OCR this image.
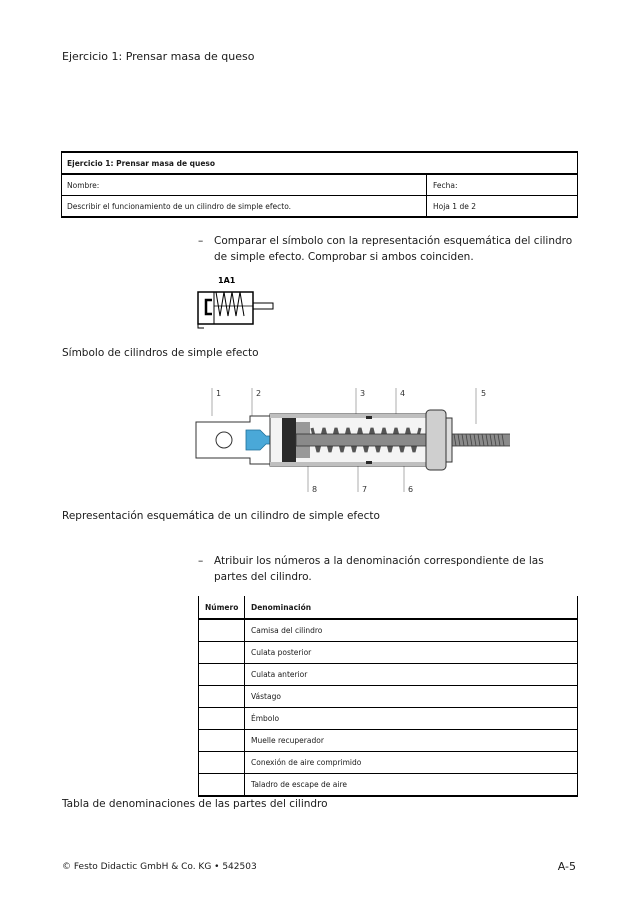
Ejercicio 1: Prensar masa de queso
Ejercicio 1: Prensar masa de queso
Nombre:	Fecha:
Describir el funcionamiento de un cilindro de simple efecto.	Hoja 1 de 2
– Comparar el símbolo con la representación esquemática del cilindro de simple efecto. Comprobar si ambos coinciden.
1A1
Símbolo de cilindros de simple efecto
1	2	3	4	5
8	7	6
Representación esquemática de un cilindro de simple efecto
– Atribuir los números a la denominación correspondiente de las partes del cilindro.
Número	Denominación
	Camisa del cilindro
	Culata posterior
	Culata anterior
	Vástago
	Émbolo
	Muelle recuperador
	Conexión de aire comprimido
	Taladro de escape de aire
Tabla de denominaciones de las partes del cilindro
© Festo Didactic GmbH & Co. KG • 542503	A-5
